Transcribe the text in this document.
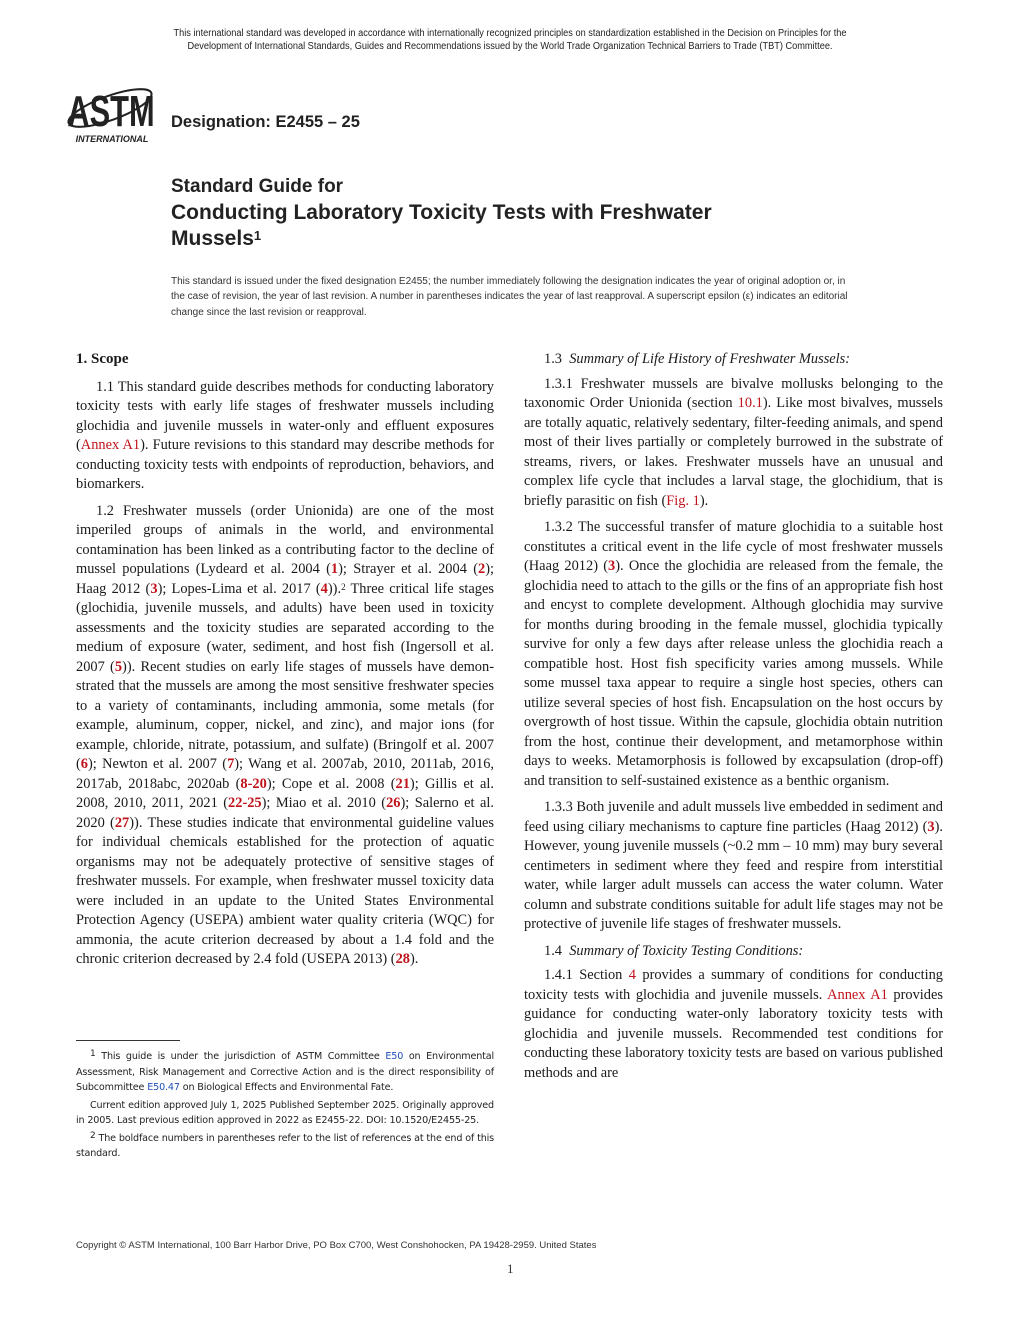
This international standard was developed in accordance with internationally recognized principles on standardization established in the Decision on Principles for the
Development of International Standards, Guides and Recommendations issued by the World Trade Organization Technical Barriers to Trade (TBT) Committee.
ASTM
INTERNATIONAL
Designation: E2455 – 25
Standard Guide for
Conducting Laboratory Toxicity Tests with Freshwater
Mussels$^1$
This standard is issued under the fixed designation E2455; the number immediately following the designation indicates the year of original adoption or, in the case of revision, the year of last revision. A number in parentheses indicates the year of last reapproval. A superscript epsilon (ε) indicates an editorial change since the last revision or reapproval.
1. Scope

1.1 This standard guide describes methods for conducting laboratory toxicity tests with early life stages of freshwater mussels including glochidia and juvenile mussels in water-only and effluent exposures (Annex A1). Future revisions to this standard may describe methods for conducting toxicity tests with endpoints of reproduction, behaviors, and biomarkers.

1.2 Freshwater mussels (order Unionida) are one of the most imperiled groups of animals in the world, and environmental contamination has been linked as a contributing factor to the decline of mussel populations (Lydeard et al. 2004 (1); Strayer et al. 2004 (2); Haag 2012 (3); Lopes-Lima et al. 2017 (4)).$^2$ Three critical life stages (glochidia, juvenile mussels, and adults) have been used in toxicity assessments and the toxicity studies are separated according to the medium of exposure (water, sediment, and host fish (Ingersoll et al. 2007 (5)). Recent studies on early life stages of mussels have demonstrated that the mussels are among the most sensitive freshwater species to a variety of contaminants, including ammonia, some metals (for example, aluminum, copper, nickel, and zinc), and major ions (for example, chloride, nitrate, potassium, and sulfate) (Bringolf et al. 2007 (6); Newton et al. 2007 (7); Wang et al. 2007ab, 2010, 2011ab, 2016, 2017ab, 2018abc, 2020ab (8-20); Cope et al. 2008 (21); Gillis et al. 2008, 2010, 2011, 2021 (22-25); Miao et al. 2010 (26); Salerno et al. 2020 (27)). These studies indicate that environmental guideline values for individual chemicals established for the protection of aquatic organisms may not be adequately protective of sensitive stages of freshwater mussels. For example, when freshwater mussel toxicity data were included in an update to the United States Environmental Protection Agency (USEPA) ambient water quality criteria (WQC) for ammonia, the acute criterion decreased by about a 1.4 fold and the chronic criterion decreased by 2.4 fold (USEPA 2013) (28).

1.3 Summary of Life History of Freshwater Mussels:

1.3.1 Freshwater mussels are bivalve mollusks belonging to the taxonomic Order Unionida (section 10.1). Like most bivalves, mussels are totally aquatic, relatively sedentary, filter-feeding animals, and spend most of their lives partially or completely burrowed in the substrate of streams, rivers, or lakes. Freshwater mussels have an unusual and complex life cycle that includes a larval stage, the glochidium, that is briefly parasitic on fish (Fig. 1).

1.3.2 The successful transfer of mature glochidia to a suitable host constitutes a critical event in the life cycle of most freshwater mussels (Haag 2012) (3). Once the glochidia are released from the female, the glochidia need to attach to the gills or the fins of an appropriate fish host and encyst to complete development. Although glochidia may survive for months during brooding in the female mussel, glochidia typically survive for only a few days after release unless the glochidia reach a compatible host. Host fish specificity varies among mussels. While some mussel taxa appear to require a single host species, others can utilize several species of host fish. Encapsulation on the host occurs by overgrowth of host tissue. Within the capsule, glochidia obtain nutrition from the host, continue their development, and metamorphose within days to weeks. Metamorphosis is followed by excapsulation (drop-off) and transition to self-sustained existence as a benthic organism.

1.3.3 Both juvenile and adult mussels live embedded in sediment and feed using ciliary mechanisms to capture fine particles (Haag 2012) (3). However, young juvenile mussels (~0.2 mm – 10 mm) may bury several centimeters in sediment where they feed and respire from interstitial water, while larger adult mussels can access the water column. Water column and substrate conditions suitable for adult life stages may not be protective of juvenile life stages of freshwater mussels.

1.4 Summary of Toxicity Testing Conditions:

1.4.1 Section 4 provides a summary of conditions for conducting toxicity tests with glochidia and juvenile mussels. Annex A1 provides guidance for conducting water-only laboratory toxicity tests with glochidia and juvenile mussels. Recommended test conditions for conducting these laboratory toxicity tests are based on various published methods and are

$^1$ This guide is under the jurisdiction of ASTM Committee E50 on Environmental Assessment, Risk Management and Corrective Action and is the direct responsibility of Subcommittee E50.47 on Biological Effects and Environmental Fate.

Current edition approved July 1, 2025 Published September 2025. Originally approved in 2005. Last previous edition approved in 2022 as E2455-22. DOI: 10.1520/E2455-25.

$^2$ The boldface numbers in parentheses refer to the list of references at the end of this standard.

Copyright © ASTM International, 100 Barr Harbor Drive, PO Box C700, West Conshohocken, PA 19428-2959. United States
1
